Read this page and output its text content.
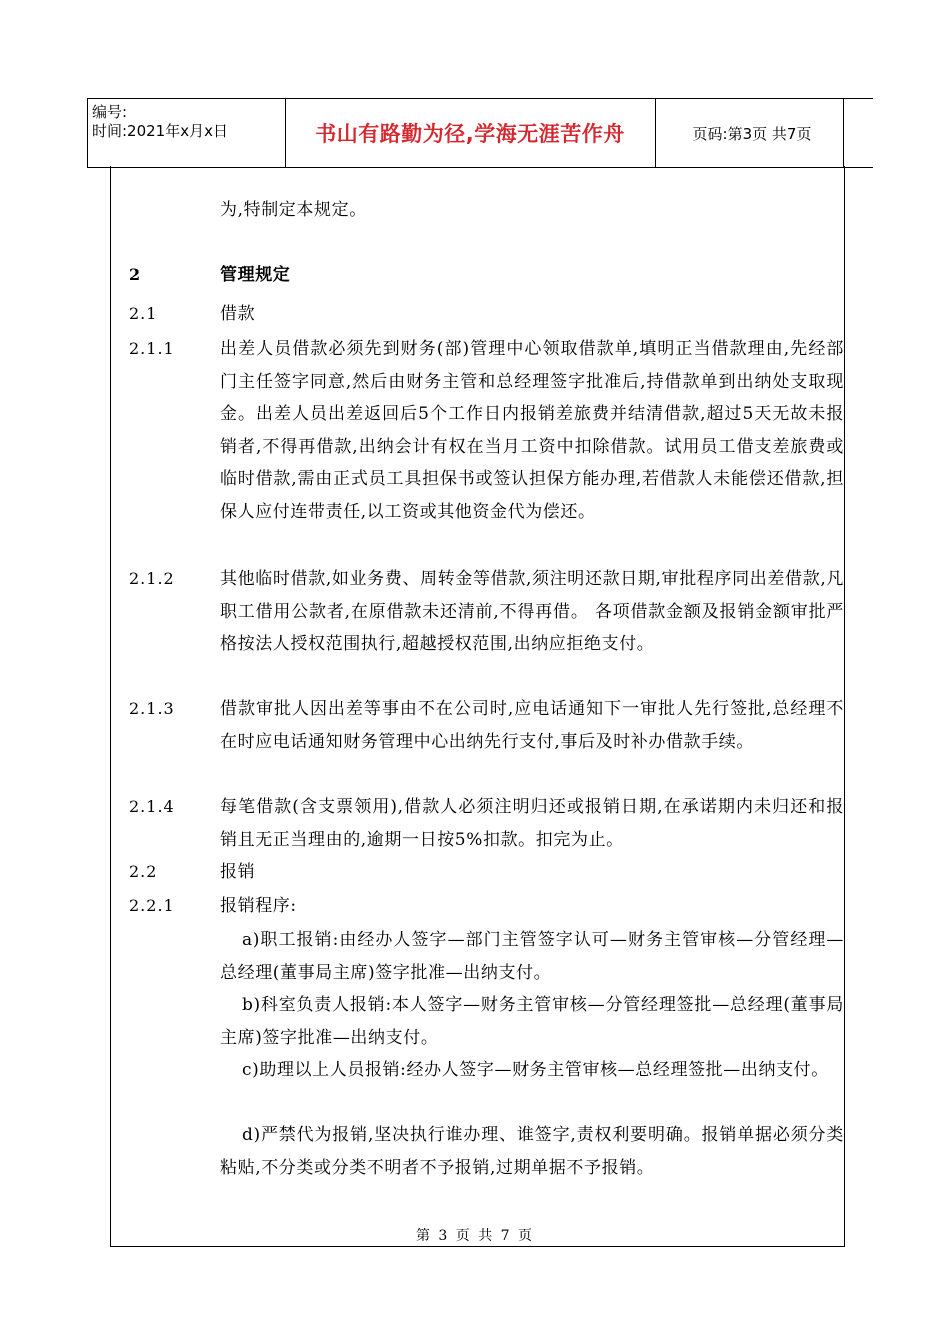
编号:
时间:2021年x月x日	书山有路勤为径,学海无涯苦作舟	页码:第3页 共7页
为,特制定本规定。
2	管理规定
2.1	借款
2.1.1	出差人员借款必须先到财务(部)管理中心领取借款单,填明正当借款理由,先经部门主任签字同意,然后由财务主管和总经理签字批准后,持借款单到出纳处支取现金。出差人员出差返回后5个工作日内报销差旅费并结清借款,超过5天无故未报销者,不得再借款,出纳会计有权在当月工资中扣除借款。试用员工借支差旅费或临时借款,需由正式员工具担保书或签认担保方能办理,若借款人未能偿还借款,担保人应付连带责任,以工资或其他资金代为偿还。
2.1.2	其他临时借款,如业务费、周转金等借款,须注明还款日期,审批程序同出差借款,凡职工借用公款者,在原借款未还清前,不得再借。 各项借款金额及报销金额审批严格按法人授权范围执行,超越授权范围,出纳应拒绝支付。
2.1.3	借款审批人因出差等事由不在公司时,应电话通知下一审批人先行签批,总经理不在时应电话通知财务管理中心出纳先行支付,事后及时补办借款手续。
2.1.4	每笔借款(含支票领用),借款人必须注明归还或报销日期,在承诺期内未归还和报销且无正当理由的,逾期一日按5%扣款。扣完为止。
2.2	报销
2.2.1	报销程序:
a)职工报销:由经办人签字—部门主管签字认可—财务主管审核—分管经理—总经理(董事局主席)签字批准—出纳支付。
b)科室负责人报销:本人签字—财务主管审核—分管经理签批—总经理(董事局主席)签字批准—出纳支付。
c)助理以上人员报销:经办人签字—财务主管审核—总经理签批—出纳支付。
d)严禁代为报销,坚决执行谁办理、谁签字,责权利要明确。报销单据必须分类粘贴,不分类或分类不明者不予报销,过期单据不予报销。
第 3 页 共 7 页
